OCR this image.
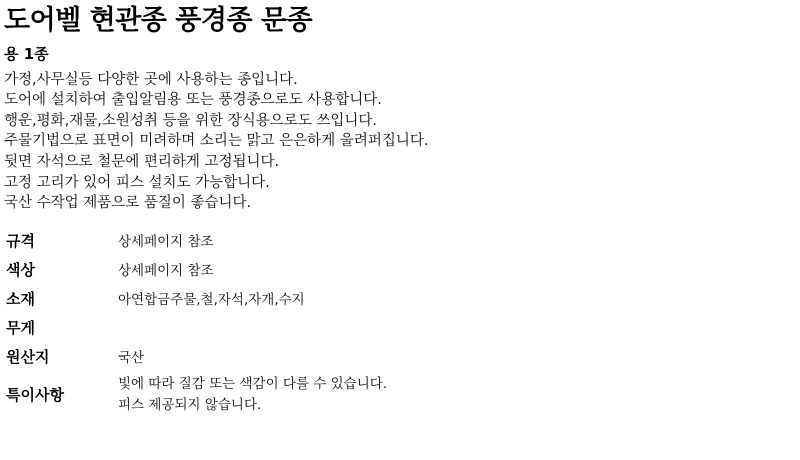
도어벨 현관종 풍경종 문종
용 1종
가정,사무실등 다양한 곳에 사용하는 종입니다.
도어에 설치하여 출입알림용 또는 풍경종으로도 사용합니다.
행운,평화,재물,소원성취 등을 위한 장식용으로도 쓰입니다.
주물기법으로 표면이 미려하며 소리는 맑고 은은하게 울려퍼집니다.
뒷면 자석으로 철문에 편리하게 고정됩니다.
고정 고리가 있어 피스 설치도 가능합니다.
국산 수작업 제품으로 품질이 좋습니다.
규격	상세페이지 참조
색상	상세페이지 참조
소재	아연합금주물,철,자석,자개,수지
무게	
원산지	국산
특이사항	빛에 따라 질감 또는 색감이 다를 수 있습니다.
피스 제공되지 않습니다.
